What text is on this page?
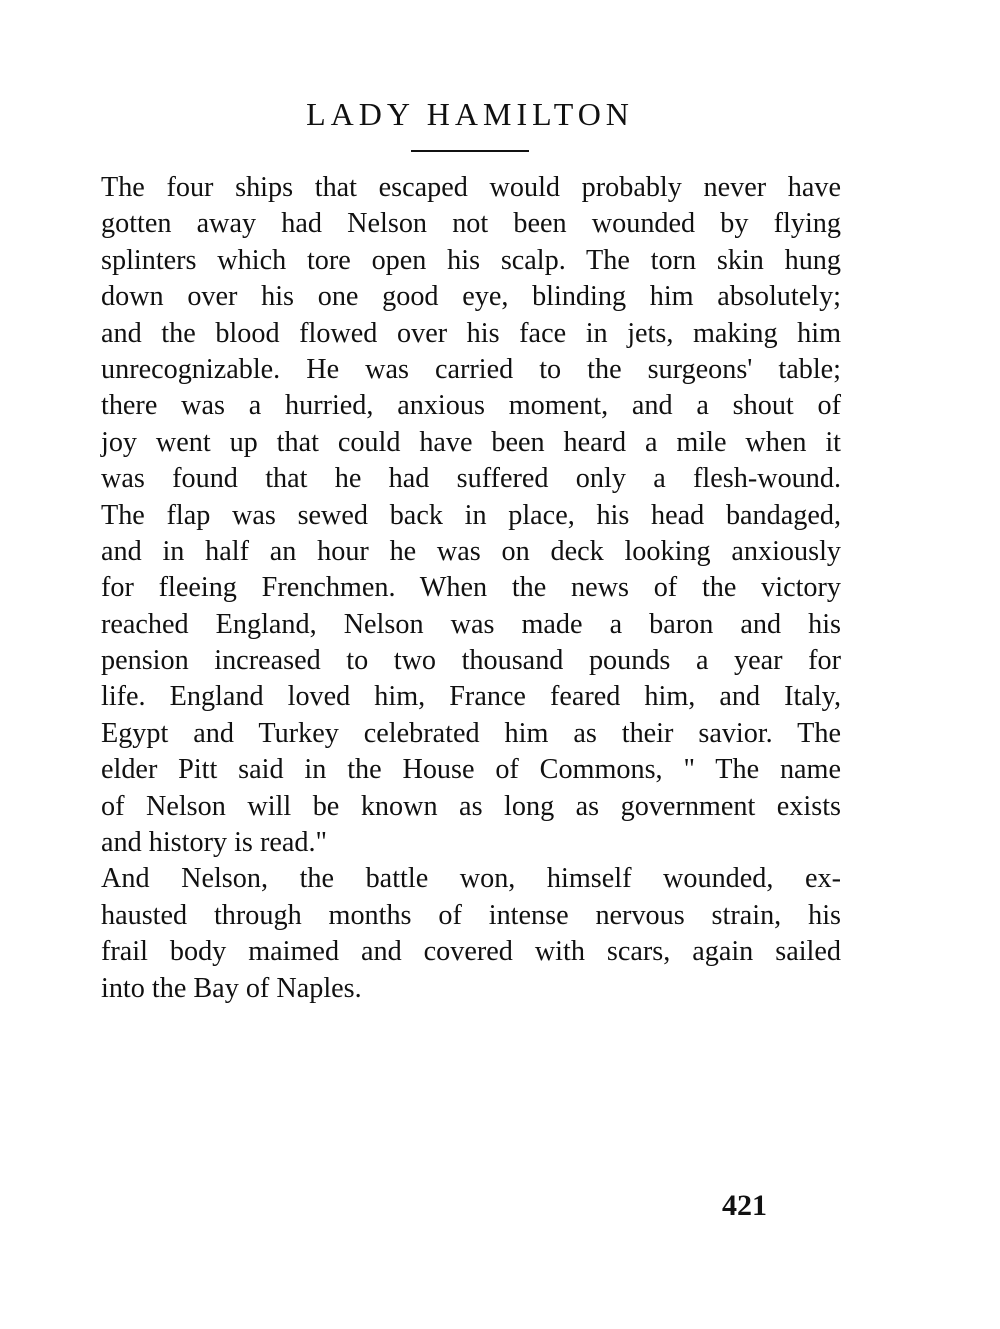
LADY HAMILTON

The four ships that escaped would probably never have
gotten away had Nelson not been wounded by flying
splinters which tore open his scalp. The torn skin hung
down over his one good eye, blinding him absolutely;
and the blood flowed over his face in jets, making him
unrecognizable. He was carried to the surgeons' table;
there was a hurried, anxious moment, and a shout of
joy went up that could have been heard a mile when it
was found that he had suffered only a flesh-wound.
The flap was sewed back in place, his head bandaged,
and in half an hour he was on deck looking anxiously
for fleeing Frenchmen. When the news of the victory
reached England, Nelson was made a baron and his
pension increased to two thousand pounds a year for
life. England loved him, France feared him, and Italy,
Egypt and Turkey celebrated him as their savior. The
elder Pitt said in the House of Commons, " The name
of Nelson will be known as long as government exists
and history is read."

And Nelson, the battle won, himself wounded, ex-
hausted through months of intense nervous strain, his
frail body maimed and covered with scars, again sailed
into the Bay of Naples.

421
